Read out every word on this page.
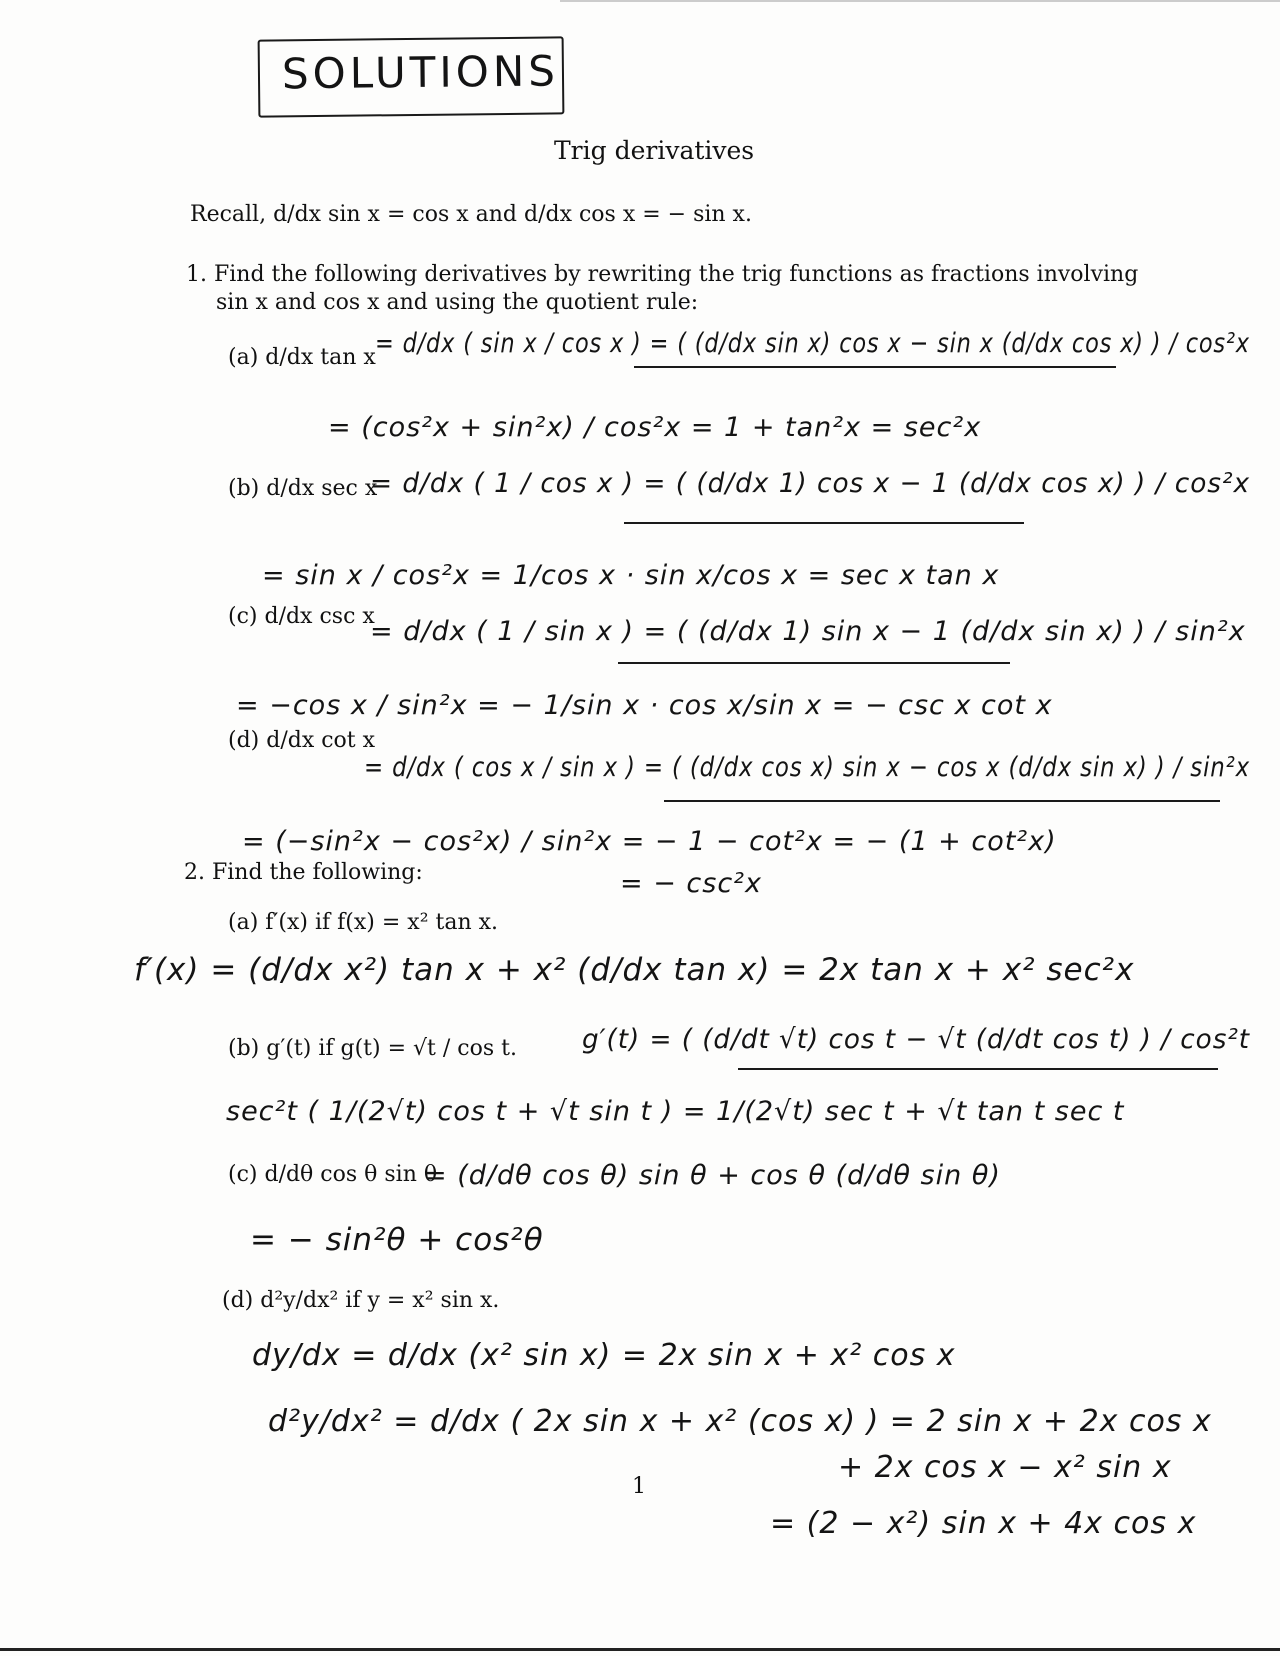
SOLUTIONS
Trig derivatives
Recall, d/dx sin x = cos x and d/dx cos x = − sin x.
1. Find the following derivatives by rewriting the trig functions as fractions involving
sin x and cos x and using the quotient rule:
(a) d/dx tan x = d/dx ( sin x / cos x ) = ( (d/dx sin x) cos x − sin x (d/dx cos x) ) / cos²x
= (cos²x + sin²x) / cos²x = 1 + tan²x = sec²x
(b) d/dx sec x
= d/dx ( 1 / cos x ) = ( (d/dx 1) cos x − 1 (d/dx cos x) ) / cos²x
= sin x / cos²x = 1/cos x · sin x/cos x = sec x tan x
(c) d/dx csc x
= d/dx ( 1 / sin x ) = ( (d/dx 1) sin x − 1 (d/dx sin x) ) / sin²x
= −cos x / sin²x = − 1/sin x · cos x/sin x = − csc x cot x
(d) d/dx cot x
= d/dx ( cos x / sin x ) = ( (d/dx cos x) sin x − cos x (d/dx sin x) ) / sin²x
= (−sin²x − cos²x) / sin²x = − 1 − cot²x = − (1 + cot²x)
= − csc²x
2. Find the following:
(a) f′(x) if f(x) = x² tan x.
f′(x) = (d/dx x²) tan x + x² (d/dx tan x) = 2x tan x + x² sec²x
(b) g′(t) if g(t) = √t / cos t. g′(t) = ( (d/dt √t) cos t − √t (d/dt cos t) ) / cos²t
sec²t ( 1/(2√t) cos t + √t sin t ) = 1/(2√t) sec t + √t tan t sec t
(c) d/dθ cos θ sin θ
= (d/dθ cos θ) sin θ + cos θ (d/dθ sin θ)
= − sin²θ + cos²θ
(d) d²y/dx² if y = x² sin x.
dy/dx = d/dx (x² sin x) = 2x sin x + x² cos x
d²y/dx² = d/dx ( 2x sin x + x² (cos x) ) = 2 sin x + 2x cos x
+ 2x cos x − x² sin x
= (2 − x²) sin x + 4x cos x
1
